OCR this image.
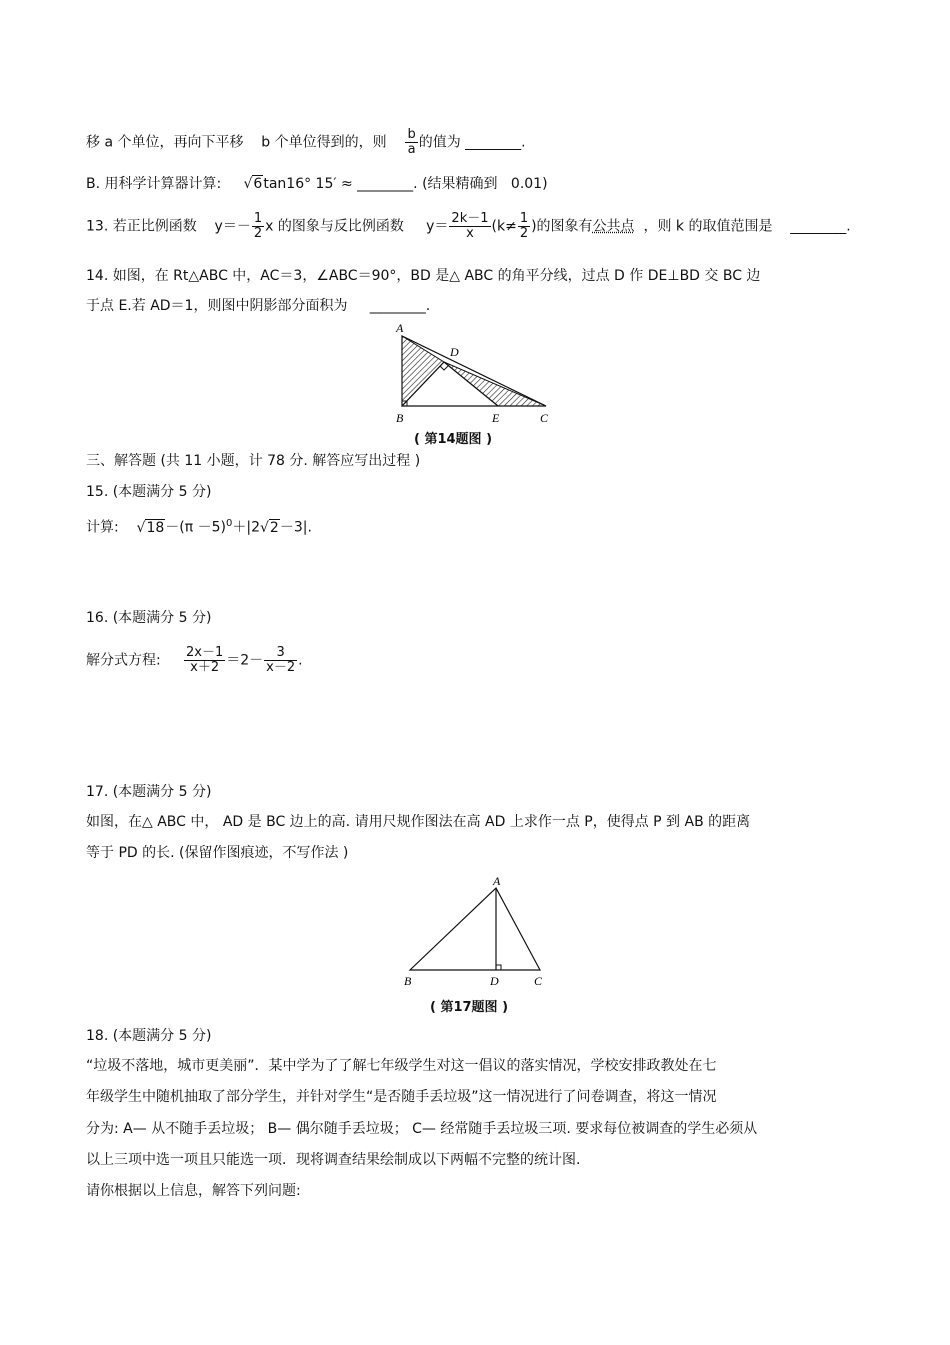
移 a 个单位，再向下平移 b 个单位得到的，则 $\frac{b}{a}$ 的值为 ________.
B. 用科学计算器计算: √6tan16° 15′ ≈ ________. (结果精确到 0.01)
13. 若正比例函数 $y=- \frac{1}{2}$ x 的图象与反比例函数 $y= \frac{2k-1}{x} (k\ne \frac{1}{2}$ )的图象有公共点 ，则 k 的取值范围是 ________.
14. 如图，在 Rt△ABC 中，AC＝3，∠ABC＝90°，BD 是△ ABC 的角平分线，过点 D 作 DE⊥BD 交 BC 边
于点 E.若 AD＝1，则图中阴影部分面积为 ________.
A
B	C
D
E
( 第14题图 )
三、解答题 (共 11 小题，计 78 分. 解答应写出过程 )
15. (本题满分 5 分)
计算: $√18-(\pi -5)^0+|2√2-3|$.
16. (本题满分 5 分)
解分式方程: $\frac{2x-1}{x+2} =2- \frac{3}{x-2}$ .
17. (本题满分 5 分)
如图，在△ ABC 中， AD 是 BC 边上的高. 请用尺规作图法在高 AD 上求作一点 P，使得点 P 到 AB 的距离
等于 PD 的长. (保留作图痕迹，不写作法 )
A
B	D	C
( 第17题图 )
18. (本题满分 5 分)
“垃圾不落地，城市更美丽”．某中学为了了解七年级学生对这一倡议的落实情况，学校安排政教处在七
年级学生中随机抽取了部分学生，并针对学生“是否随手丢垃圾”这一情况进行了问卷调查，将这一情况
分为: A— 从不随手丢垃圾； B— 偶尔随手丢垃圾； C— 经常随手丢垃圾三项. 要求每位被调查的学生必须从
以上三项中选一项且只能选一项．现将调查结果绘制成以下两幅不完整的统计图.
请你根据以上信息，解答下列问题:
